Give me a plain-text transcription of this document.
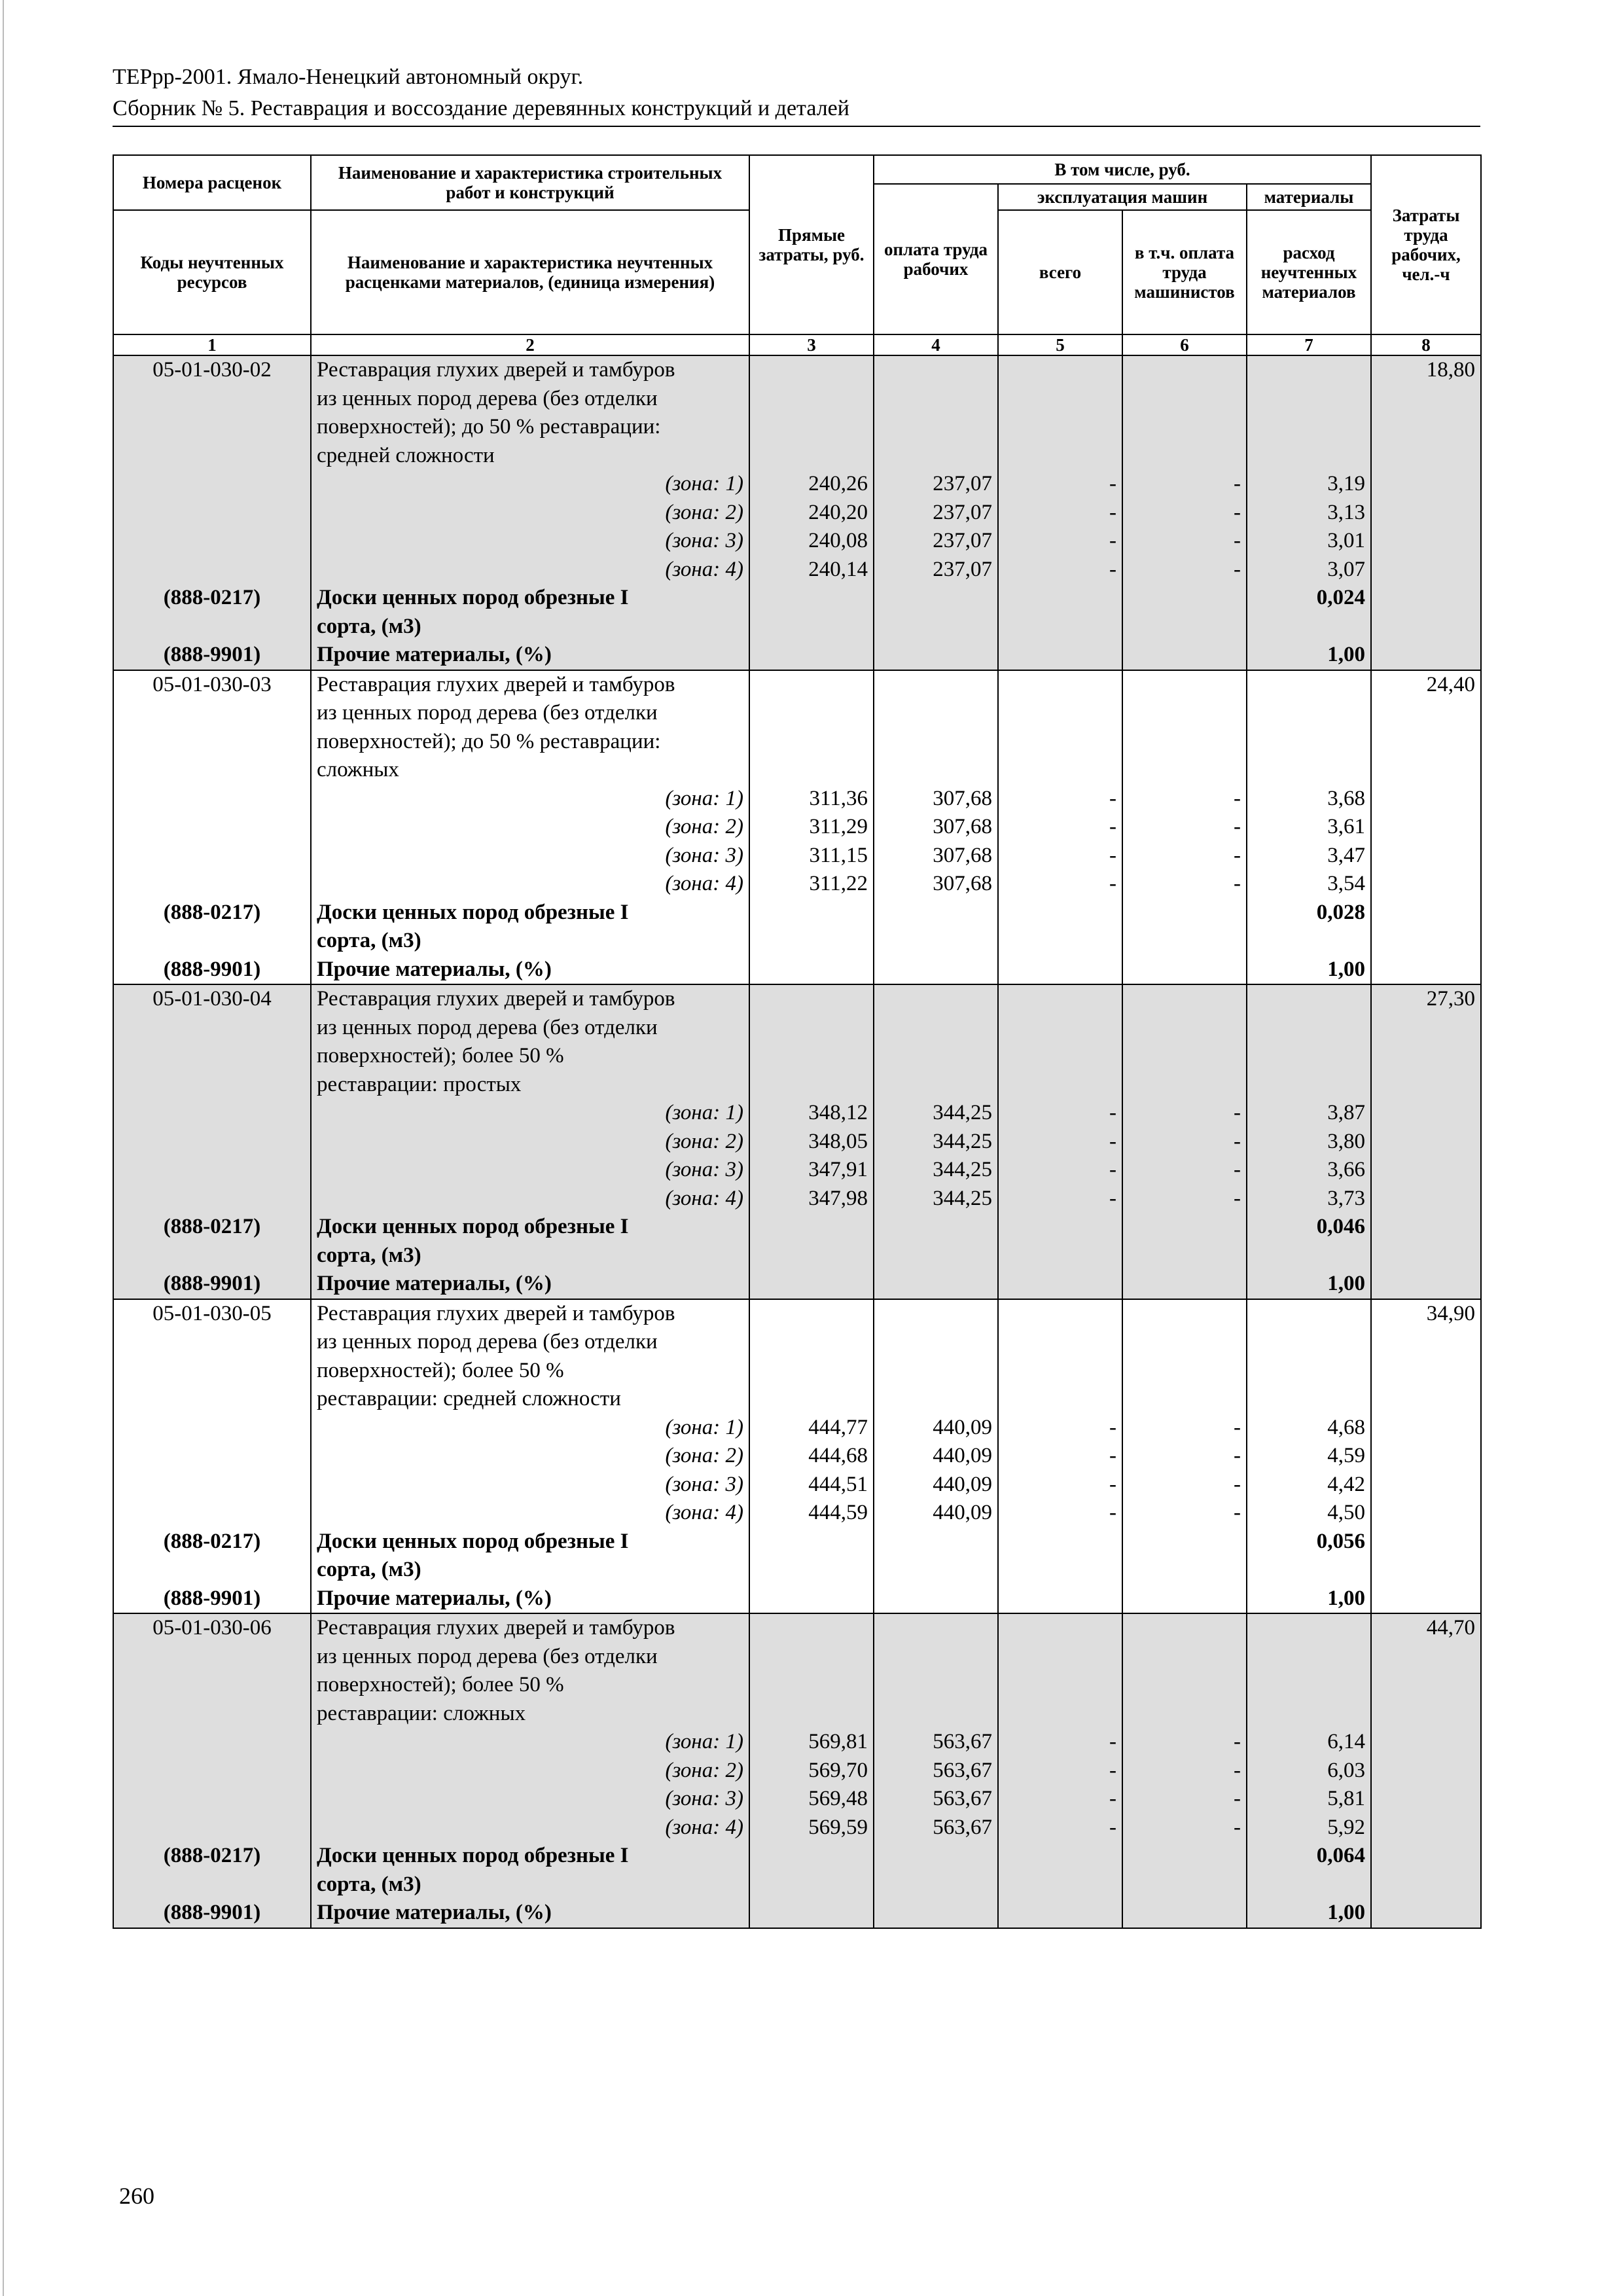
ТЕРрр-2001. Ямало-Ненецкий автономный округ.
Сборник № 5. Реставрация и воссоздание деревянных конструкций и деталей
Номера расценок	Наименование и характеристика строительных работ и конструкций	Прямые затраты, руб.	В том числе, руб.				Затраты труда рабочих, чел.-ч
			оплата труда рабочих	эксплуатация машин		материалы	
Коды неучтенных ресурсов	Наименование и характеристика неучтенных расценками материалов, (единица измерения)			всего	в т.ч. оплата труда машинистов	расход неучтенных материалов	

1	2	3	4	5	6	7	8
05-01-030-02	Реставрация глухих дверей и тамбуров						18,80
	из ценных пород дерева (без отделки						
	поверхностей); до 50 % реставрации:						
	средней сложности						
	(зона: 1)	240,26	237,07	-	-	3,19	
	(зона: 2)	240,20	237,07	-	-	3,13	
	(зона: 3)	240,08	237,07	-	-	3,01	
	(зона: 4)	240,14	237,07	-	-	3,07	
(888-0217)	Доски ценных пород обрезные I					0,024	
	сорта, (м3)						
(888-9901)	Прочие материалы, (%)					1,00	
05-01-030-03	Реставрация глухих дверей и тамбуров						24,40
	из ценных пород дерева (без отделки						
	поверхностей); до 50 % реставрации:						
	сложных						
	(зона: 1)	311,36	307,68	-	-	3,68	
	(зона: 2)	311,29	307,68	-	-	3,61	
	(зона: 3)	311,15	307,68	-	-	3,47	
	(зона: 4)	311,22	307,68	-	-	3,54	
(888-0217)	Доски ценных пород обрезные I					0,028	
	сорта, (м3)						
(888-9901)	Прочие материалы, (%)					1,00	
05-01-030-04	Реставрация глухих дверей и тамбуров						27,30
	из ценных пород дерева (без отделки						
	поверхностей); более 50 %						
	реставрации: простых						
	(зона: 1)	348,12	344,25	-	-	3,87	
	(зона: 2)	348,05	344,25	-	-	3,80	
	(зона: 3)	347,91	344,25	-	-	3,66	
	(зона: 4)	347,98	344,25	-	-	3,73	
(888-0217)	Доски ценных пород обрезные I					0,046	
	сорта, (м3)						
(888-9901)	Прочие материалы, (%)					1,00	
05-01-030-05	Реставрация глухих дверей и тамбуров						34,90
	из ценных пород дерева (без отделки						
	поверхностей); более 50 %						
	реставрации: средней сложности						
	(зона: 1)	444,77	440,09	-	-	4,68	
	(зона: 2)	444,68	440,09	-	-	4,59	
	(зона: 3)	444,51	440,09	-	-	4,42	
	(зона: 4)	444,59	440,09	-	-	4,50	
(888-0217)	Доски ценных пород обрезные I					0,056	
	сорта, (м3)						
(888-9901)	Прочие материалы, (%)					1,00	
05-01-030-06	Реставрация глухих дверей и тамбуров						44,70
	из ценных пород дерева (без отделки						
	поверхностей); более 50 %						
	реставрации: сложных						
	(зона: 1)	569,81	563,67	-	-	6,14	
	(зона: 2)	569,70	563,67	-	-	6,03	
	(зона: 3)	569,48	563,67	-	-	5,81	
	(зона: 4)	569,59	563,67	-	-	5,92	
(888-0217)	Доски ценных пород обрезные I					0,064	
	сорта, (м3)						
(888-9901)	Прочие материалы, (%)					1,00	
260
